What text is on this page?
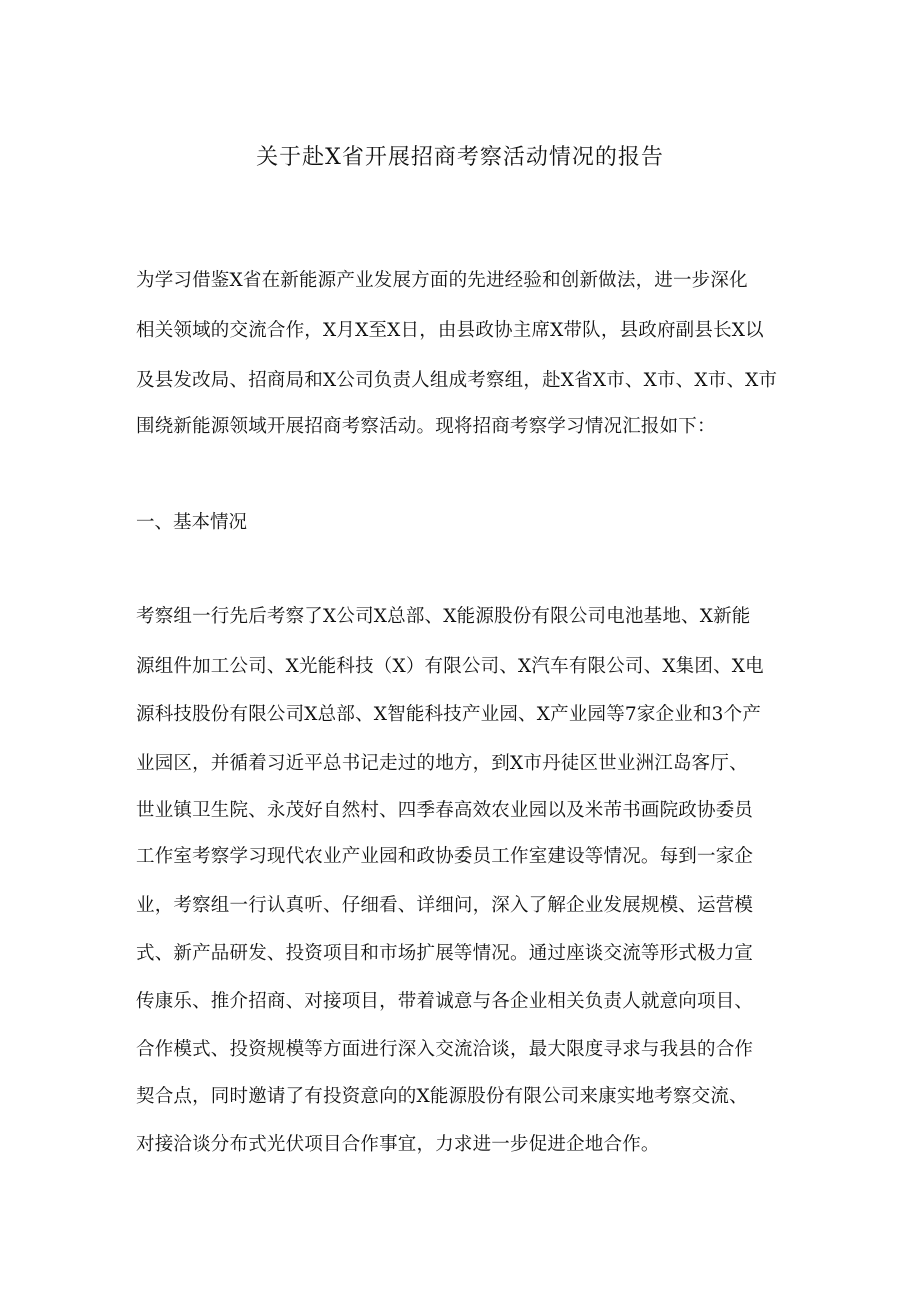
关于赴X省开展招商考察活动情况的报告
为学习借鉴X省在新能源产业发展方面的先进经验和创新做法，进一步深化
相关领域的交流合作，X月X至X日，由县政协主席X带队，县政府副县长X以
及县发改局、招商局和X公司负责人组成考察组，赴X省X市、X市、X市、X市
围绕新能源领域开展招商考察活动。现将招商考察学习情况汇报如下：
一、基本情况
考察组一行先后考察了X公司X总部、X能源股份有限公司电池基地、X新能
源组件加工公司、X光能科技（X）有限公司、X汽车有限公司、X集团、X电
源科技股份有限公司X总部、X智能科技产业园、X产业园等7家企业和3个产
业园区，并循着习近平总书记走过的地方，到X市丹徒区世业洲江岛客厅、
世业镇卫生院、永茂好自然村、四季春高效农业园以及米芾书画院政协委员
工作室考察学习现代农业产业园和政协委员工作室建设等情况。每到一家企
业，考察组一行认真听、仔细看、详细问，深入了解企业发展规模、运营模
式、新产品研发、投资项目和市场扩展等情况。通过座谈交流等形式极力宣
传康乐、推介招商、对接项目，带着诚意与各企业相关负责人就意向项目、
合作模式、投资规模等方面进行深入交流洽谈，最大限度寻求与我县的合作
契合点，同时邀请了有投资意向的X能源股份有限公司来康实地考察交流、
对接洽谈分布式光伏项目合作事宜，力求进一步促进企地合作。
